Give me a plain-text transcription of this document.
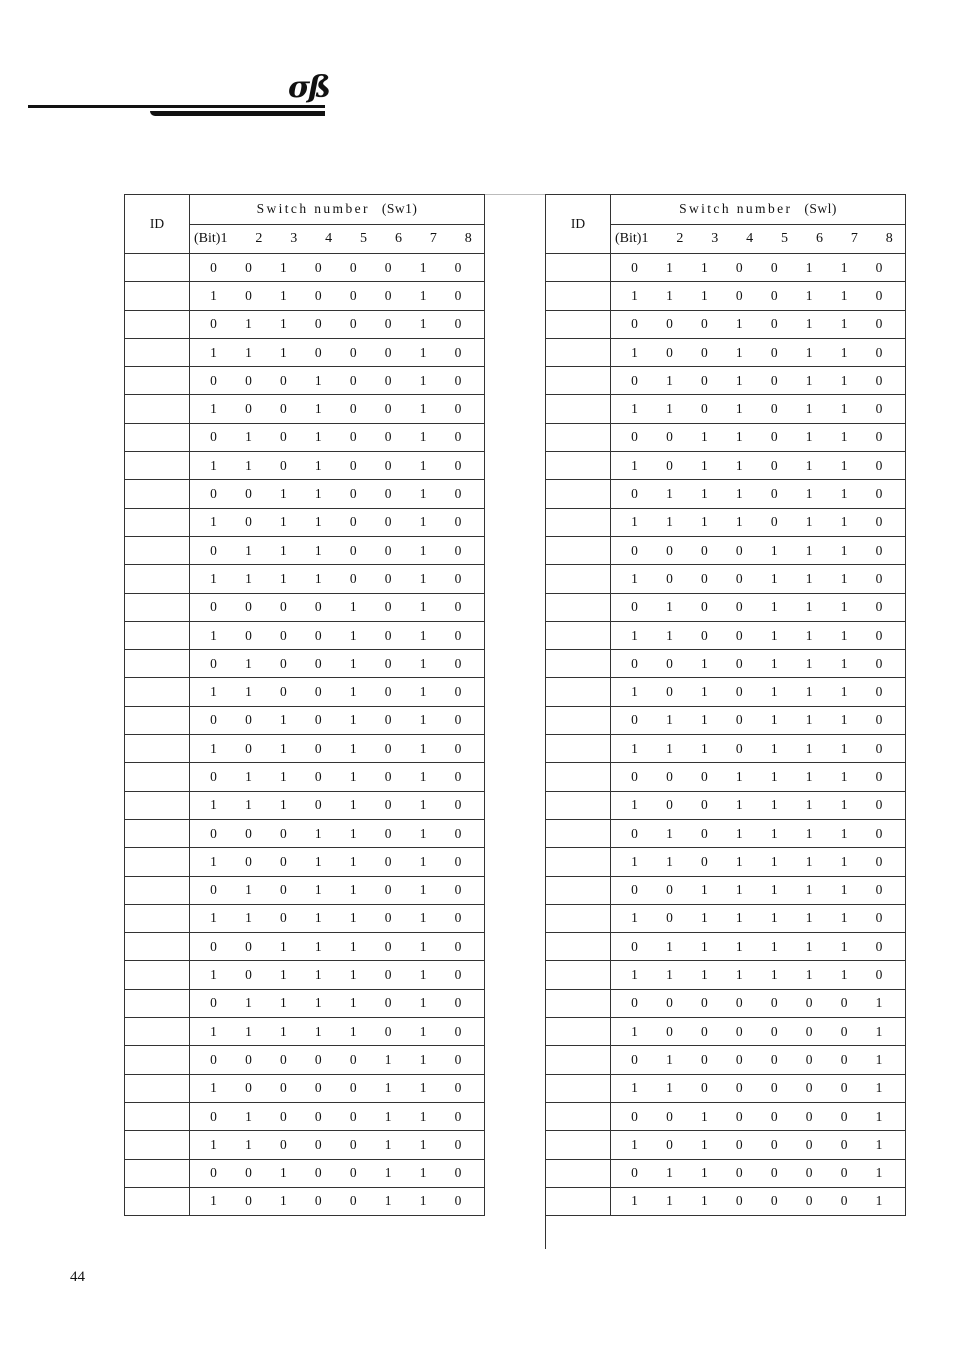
σß
ID	Switch number (Sw1)
	(Bit)1 2 3 4 5 6 7 8
	0 0 1 0 0 0 1 0
	1 0 1 0 0 0 1 0
	0 1 1 0 0 0 1 0
	1 1 1 0 0 0 1 0
	0 0 0 1 0 0 1 0
	1 0 0 1 0 0 1 0
	0 1 0 1 0 0 1 0
	1 1 0 1 0 0 1 0
	0 0 1 1 0 0 1 0
	1 0 1 1 0 0 1 0
	0 1 1 1 0 0 1 0
	1 1 1 1 0 0 1 0
	0 0 0 0 1 0 1 0
	1 0 0 0 1 0 1 0
	0 1 0 0 1 0 1 0
	1 1 0 0 1 0 1 0
	0 0 1 0 1 0 1 0
	1 0 1 0 1 0 1 0
	0 1 1 0 1 0 1 0
	1 1 1 0 1 0 1 0
	0 0 0 1 1 0 1 0
	1 0 0 1 1 0 1 0
	0 1 0 1 1 0 1 0
	1 1 0 1 1 0 1 0
	0 0 1 1 1 0 1 0
	1 0 1 1 1 0 1 0
	0 1 1 1 1 0 1 0
	1 1 1 1 1 0 1 0
	0 0 0 0 0 1 1 0
	1 0 0 0 0 1 1 0
	0 1 0 0 0 1 1 0
	1 1 0 0 0 1 1 0
	0 0 1 0 0 1 1 0
	1 0 1 0 0 1 1 0
ID	Switch number (Swl)
	(Bit)1 2 3 4 5 6 7 8
	0 1 1 0 0 1 1 0
	1 1 1 0 0 1 1 0
	0 0 0 1 0 1 1 0
	1 0 0 1 0 1 1 0
	0 1 0 1 0 1 1 0
	1 1 0 1 0 1 1 0
	0 0 1 1 0 1 1 0
	1 0 1 1 0 1 1 0
	0 1 1 1 0 1 1 0
	1 1 1 1 0 1 1 0
	0 0 0 0 1 1 1 0
	1 0 0 0 1 1 1 0
	0 1 0 0 1 1 1 0
	1 1 0 0 1 1 1 0
	0 0 1 0 1 1 1 0
	1 0 1 0 1 1 1 0
	0 1 1 0 1 1 1 0
	1 1 1 0 1 1 1 0
	0 0 0 1 1 1 1 0
	1 0 0 1 1 1 1 0
	0 1 0 1 1 1 1 0
	1 1 0 1 1 1 1 0
	0 0 1 1 1 1 1 0
	1 0 1 1 1 1 1 0
	0 1 1 1 1 1 1 0
	1 1 1 1 1 1 1 0
	0 0 0 0 0 0 0 1
	1 0 0 0 0 0 0 1
	0 1 0 0 0 0 0 1
	1 1 0 0 0 0 0 1
	0 0 1 0 0 0 0 1
	1 0 1 0 0 0 0 1
	0 1 1 0 0 0 0 1
	1 1 1 0 0 0 0 1
44
